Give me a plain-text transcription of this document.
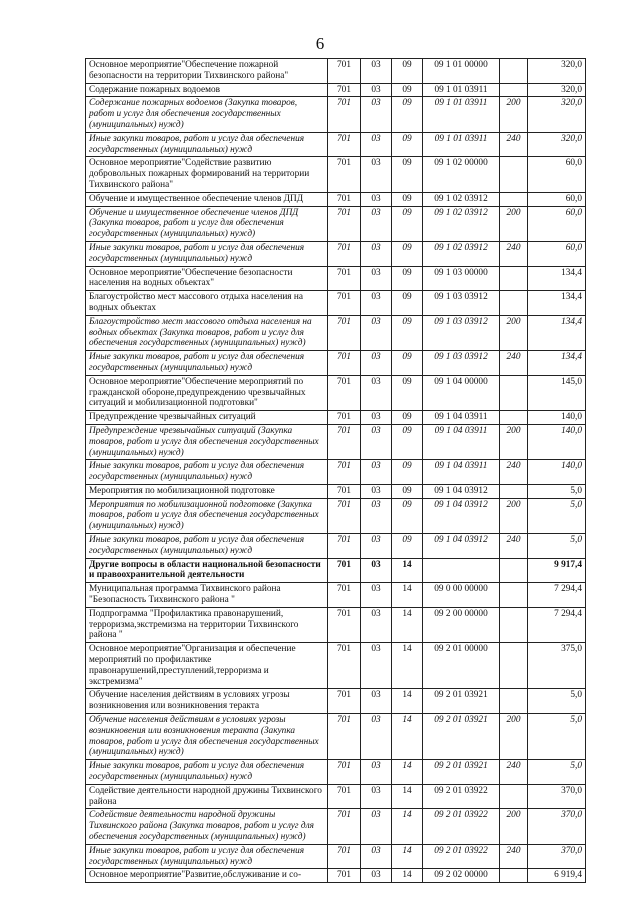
6
Основное мероприятие"Обеспечение пожарной безопасности на территории Тихвинского района"	701	03	09	09 1 01 00000		320,0
Содержание пожарных водоемов	701	03	09	09 1 01 03911		320,0
Содержание пожарных водоемов (Закупка товаров, работ и услуг для обеспечения государственных (муниципальных) нужд)	701	03	09	09 1 01 03911	200	320,0
Иные закупки товаров, работ и услуг для обеспечения государственных (муниципальных) нужд	701	03	09	09 1 01 03911	240	320,0
Основное мероприятие"Содействие развитию добровольных пожарных формирований на территории Тихвинского района"	701	03	09	09 1 02 00000		60,0
Обучение и имущественное обеспечение членов ДПД	701	03	09	09 1 02 03912		60,0
Обучение и имущественное обеспечение членов ДПД (Закупка товаров, работ и услуг для обеспечения государственных (муниципальных) нужд)	701	03	09	09 1 02 03912	200	60,0
Иные закупки товаров, работ и услуг для обеспечения государственных (муниципальных) нужд	701	03	09	09 1 02 03912	240	60,0
Основное мероприятие"Обеспечение безопасности населения на водных объектах"	701	03	09	09 1 03 00000		134,4
Благоустройство мест массового отдыха населения на водных объектах	701	03	09	09 1 03 03912		134,4
Благоустройство мест массового отдыха населения на водных объектах (Закупка товаров, работ и услуг для обеспечения государственных (муниципальных) нужд)	701	03	09	09 1 03 03912	200	134,4
Иные закупки товаров, работ и услуг для обеспечения государственных (муниципальных) нужд	701	03	09	09 1 03 03912	240	134,4
Основное мероприятие"Обеспечение мероприятий по гражданской обороне,предупреждению чрезвычайных ситуаций и мобилизационной подготовки"	701	03	09	09 1 04 00000		145,0
Предупреждение чрезвычайных ситуаций	701	03	09	09 1 04 03911		140,0
Предупреждение чрезвычайных ситуаций (Закупка товаров, работ и услуг для обеспечения государственных (муниципальных) нужд)	701	03	09	09 1 04 03911	200	140,0
Иные закупки товаров, работ и услуг для обеспечения государственных (муниципальных) нужд	701	03	09	09 1 04 03911	240	140,0
Мероприятия по мобилизационной подготовке	701	03	09	09 1 04 03912		5,0
Мероприятия по мобилизационной подготовке (Закупка товаров, работ и услуг для обеспечения государственных (муниципальных) нужд)	701	03	09	09 1 04 03912	200	5,0
Иные закупки товаров, работ и услуг для обеспечения государственных (муниципальных) нужд	701	03	09	09 1 04 03912	240	5,0
Другие вопросы в области национальной безопасности и правоохранительной деятельности	701	03	14			9 917,4
Муниципальная программа Тихвинского района "Безопасность Тихвинского района "	701	03	14	09 0 00 00000		7 294,4
Подпрограмма "Профилактика правонарушений, терроризма,экстремизма на территории Тихвинского района "	701	03	14	09 2 00 00000		7 294,4
Основное мероприятие"Организация и обеспечение мероприятий по профилактике правонарушений,преступлений,терроризма и экстремизма"	701	03	14	09 2 01 00000		375,0
Обучение населения действиям в условиях угрозы возникновения или возникновения теракта	701	03	14	09 2 01 03921		5,0
Обучение населения действиям в условиях угрозы возникновения или возникновения теракта (Закупка товаров, работ и услуг для обеспечения государственных (муниципальных) нужд)	701	03	14	09 2 01 03921	200	5,0
Иные закупки товаров, работ и услуг для обеспечения государственных (муниципальных) нужд	701	03	14	09 2 01 03921	240	5,0
Содействие деятельности народной дружины Тихвинского района	701	03	14	09 2 01 03922		370,0
Содействие деятельности народной дружины Тихвинского района (Закупка товаров, работ и услуг для обеспечения государственных (муниципальных) нужд)	701	03	14	09 2 01 03922	200	370,0
Иные закупки товаров, работ и услуг для обеспечения государственных (муниципальных) нужд	701	03	14	09 2 01 03922	240	370,0
Основное мероприятие"Развитие,обслуживание и со-	701	03	14	09 2 02 00000		6 919,4
